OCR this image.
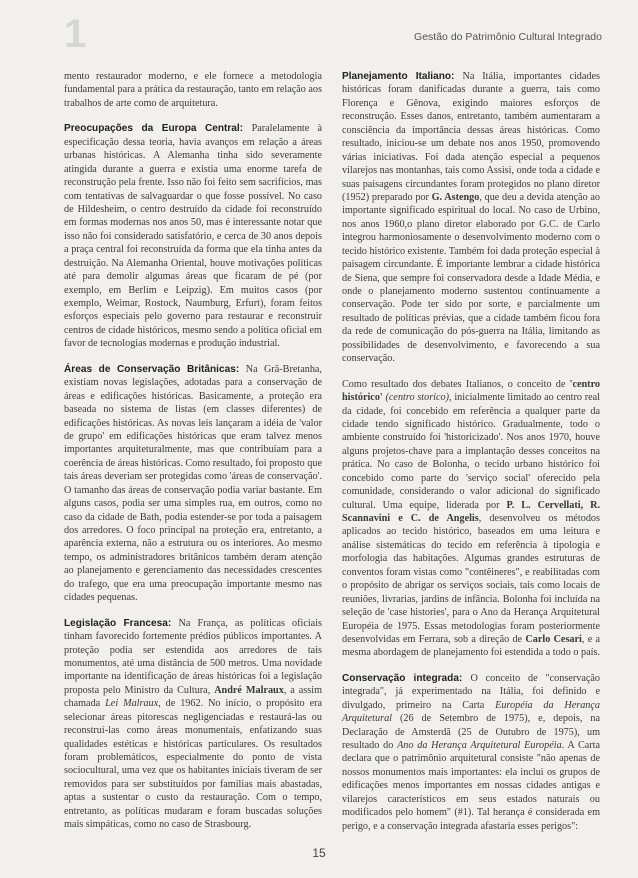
1	Gestão do Patrimônio Cultural Integrado

mento restaurador moderno, e ele fornece a metodologia fundamental para a prática da restauração, tanto em relação aos trabalhos de arte como de arquitetura.

Preocupações da Europa Central: Paralelamente à especificação dessa teoria, havia avanços em relação a áreas urbanas históricas. A Alemanha tinha sido severamente atingida durante a guerra e existia uma enorme tarefa de reconstrução pela frente. Isso não foi feito sem sacrifícios, mas com tentativas de salvaguardar o que fosse possível. No caso de Hildesheim, o centro destruído da cidade foi reconstruído em formas modernas nos anos 50, mas é interessante notar que isso não foi considerado satisfatório, e cerca de 30 anos depois a praça central foi reconstruída da forma que ela tinha antes da destruição. Na Alemanha Oriental, houve motivações políticas até para demolir algumas áreas que ficaram de pé (por exemplo, em Berlim e Leipzig). Em muitos casos (por exemplo, Weimar, Rostock, Naumburg, Erfurt), foram feitos esforços especiais pelo governo para restaurar e reconstruir centros de cidade históricos, mesmo sendo a política oficial em favor de tecnologias modernas e produção industrial.

Áreas de Conservação Britânicas: Na Grã-Bretanha, existiam novas legislações, adotadas para a conservação de áreas e edificações históricas. Basicamente, a proteção era baseada no sistema de listas (em classes diferentes) de edificações históricas. As novas leis lançaram a idéia de 'valor de grupo' em edificações históricas que eram talvez menos importantes arquiteturalmente, mas que contribuíam para a coerência de áreas históricas. Como resultado, foi proposto que tais áreas deveriam ser protegidas como 'áreas de conservação'. O tamanho das áreas de conservação podia variar bastante. Em alguns casos, podia ser uma simples rua, em outros, como no caso da cidade de Bath, podia estender-se por toda a paisagem dos arredores. O foco principal na proteção era, entretanto, a aparência externa, não a estrutura ou os interiores. Ao mesmo tempo, os administradores britânicos também deram atenção ao planejamento e gerenciamento das necessidades crescentes do trafego, que era uma preocupação importante mesmo nas cidades pequenas.

Legislação Francesa: Na França, as políticas oficiais tinham favorecido fortemente prédios públicos importantes. A proteção podia ser estendida aos arredores de tais monumentos, até uma distância de 500 metros. Uma novidade importante na identificação de áreas históricas foi a legislação proposta pelo Ministro da Cultura, André Malraux, a assim chamada Lei Malraux, de 1962. No início, o propósito era selecionar áreas pitorescas negligenciadas e restaurá-las ou reconstruí-las como áreas monumentais, enfatizando suas qualidades estéticas e históricas particulares. Os resultados foram problemáticos, especialmente do ponto de vista sociocultural, uma vez que os habitantes iniciais tiveram de ser removidos para ser substituídos por famílias mais abastadas, aptas a sustentar o custo da restauração. Com o tempo, entretanto, as políticas mudaram e foram buscadas soluções mais simpáticas, como no caso de Strasbourg.

Planejamento Italiano: Na Itália, importantes cidades históricas foram danificadas durante a guerra, tais como Florença e Gênova, exigindo maiores esforços de reconstrução. Esses danos, entretanto, também aumentaram a consciência da importância dessas áreas históricas. Como resultado, iniciou-se um debate nos anos 1950, promovendo várias iniciativas. Foi dada atenção especial a pequenos vilarejos nas montanhas, tais como Assisi, onde toda a cidade e suas paisagens circundantes foram protegidos no plano diretor (1952) preparado por G. Astengo, que deu a devida atenção ao importante significado espiritual do local. No caso de Urbino, nos anos 1960,o plano diretor elaborado por G.C. de Carlo integrou harmoniosamente o desenvolvimento moderno com o tecido histórico existente. Também foi dada proteção especial à paisagem circundante. É importante lembrar a cidade histórica de Siena, que sempre foi conservadora desde a Idade Média, e onde o planejamento moderno sustentou continuamente a conservação. Pode ter sido por sorte, e parcialmente um resultado de políticas prévias, que a cidade também ficou fora da rede de comunicação do pós-guerra na Itália, limitando as possibilidades de desenvolvimento, e favorecendo a sua conservação.

Como resultado dos debates Italianos, o conceito de 'centro histórico' (centro storico), inicialmente limitado ao centro real da cidade, foi concebido em referência a qualquer parte da cidade tendo significado histórico. Gradualmente, todo o ambiente construído foi 'historicizado'. Nos anos 1970, houve alguns projetos-chave para a implantação desses conceitos na prática. No caso de Bolonha, o tecido urbano histórico foi concebido como parte do 'serviço social' oferecido pela comunidade, considerando o valor adicional do significado cultural. Uma equipe, liderada por P. L. Cervellati, R. Scannavini e C. de Angelis, desenvolveu os métodos aplicados ao tecido histórico, baseados em uma leitura e análise sistemáticas do tecido em referência à tipologia e morfologia das habitações. Algumas grandes estruturas de conventos foram vistas como "contêineres", e reabilitadas com o propósito de abrigar os serviços sociais, tais como locais de reuniões, livrarias, jardins de infância. Bolonha foi incluída na seleção de 'case histories', para o Ano da Herança Arquitetural Européia de 1975. Essas metodologias foram posteriormente desenvolvidas em Ferrara, sob a direção de Carlo Cesari, e a mesma abordagem de planejamento foi estendida a todo o país.

Conservação integrada: O conceito de "conservação integrada", já experimentado na Itália, foi definido e divulgado, primeiro na Carta Européia da Herança Arquitetural (26 de Setembro de 1975), e, depois, na Declaração de Amsterdã (25 de Outubro de 1975), um resultado do Ano da Herança Arquitetural Européia. A Carta declara que o patrimônio arquitetural consiste "não apenas de nossos monumentos mais importantes: ela inclui os grupos de edificações menos importantes em nossas cidades antigas e vilarejos característicos em seus estados naturais ou modificados pelo homem" (#1). Tal herança é considerada em perigo, e a conservação integrada afastaria esses perigos":

15
